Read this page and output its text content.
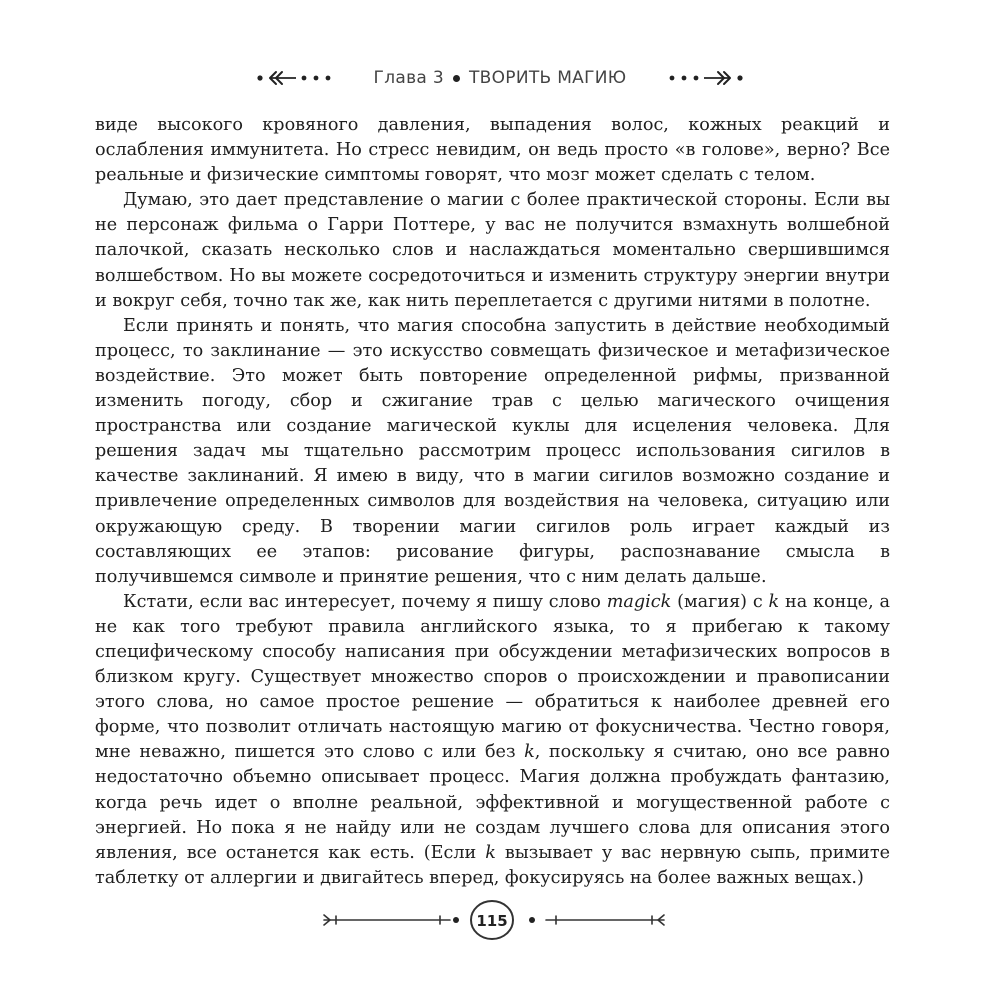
Глава 3 ТВОРИТЬ МАГИЮ

виде высокого кровяного давления, выпадения волос, кожных реакций и ослабления иммунитета. Но стресс невидим, он ведь просто «в голове», верно? Все реальные и физические симптомы говорят, что мозг может сделать с телом.

Думаю, это дает представление о магии с более практической стороны. Если вы не персонаж фильма о Гарри Поттере, у вас не получится взмахнуть волшебной палочкой, сказать несколько слов и наслаждаться моментально свершившимся волшебством. Но вы можете сосредоточиться и изменить структуру энергии внутри и вокруг себя, точно так же, как нить переплетается с другими нитями в полотне.

Если принять и понять, что магия способна запустить в действие необходимый процесс, то заклинание — это искусство совмещать физическое и метафизическое воздействие. Это может быть повторение определенной рифмы, призванной изменить погоду, сбор и сжигание трав с целью магического очищения пространства или создание магической куклы для исцеления человека. Для решения задач мы тщательно рассмотрим процесс использования сигилов в качестве заклинаний. Я имею в виду, что в магии сигилов возможно создание и привлечение определенных символов для воздействия на человека, ситуацию или окружающую среду. В творении магии сигилов роль играет каждый из составляющих ее этапов: рисование фигуры, распознавание смысла в получившемся символе и принятие решения, что с ним делать дальше.

Кстати, если вас интересует, почему я пишу слово magick (магия) с k на конце, а не как того требуют правила английского языка, то я прибегаю к такому специфическому способу написания при обсуждении метафизических вопросов в близком кругу. Существует множество споров о происхождении и правописании этого слова, но самое простое решение — обратиться к наиболее древней его форме, что позволит отличать настоящую магию от фокусничества. Честно говоря, мне неважно, пишется это слово с или без k, поскольку я считаю, оно все равно недостаточно объемно описывает процесс. Магия должна пробуждать фантазию, когда речь идет о вполне реальной, эффективной и могущественной работе с энергией. Но пока я не найду или не создам лучшего слова для описания этого явления, все останется как есть. (Если k вызывает у вас нервную сыпь, примите таблетку от аллергии и двигайтесь вперед, фокусируясь на более важных вещах.)

115
